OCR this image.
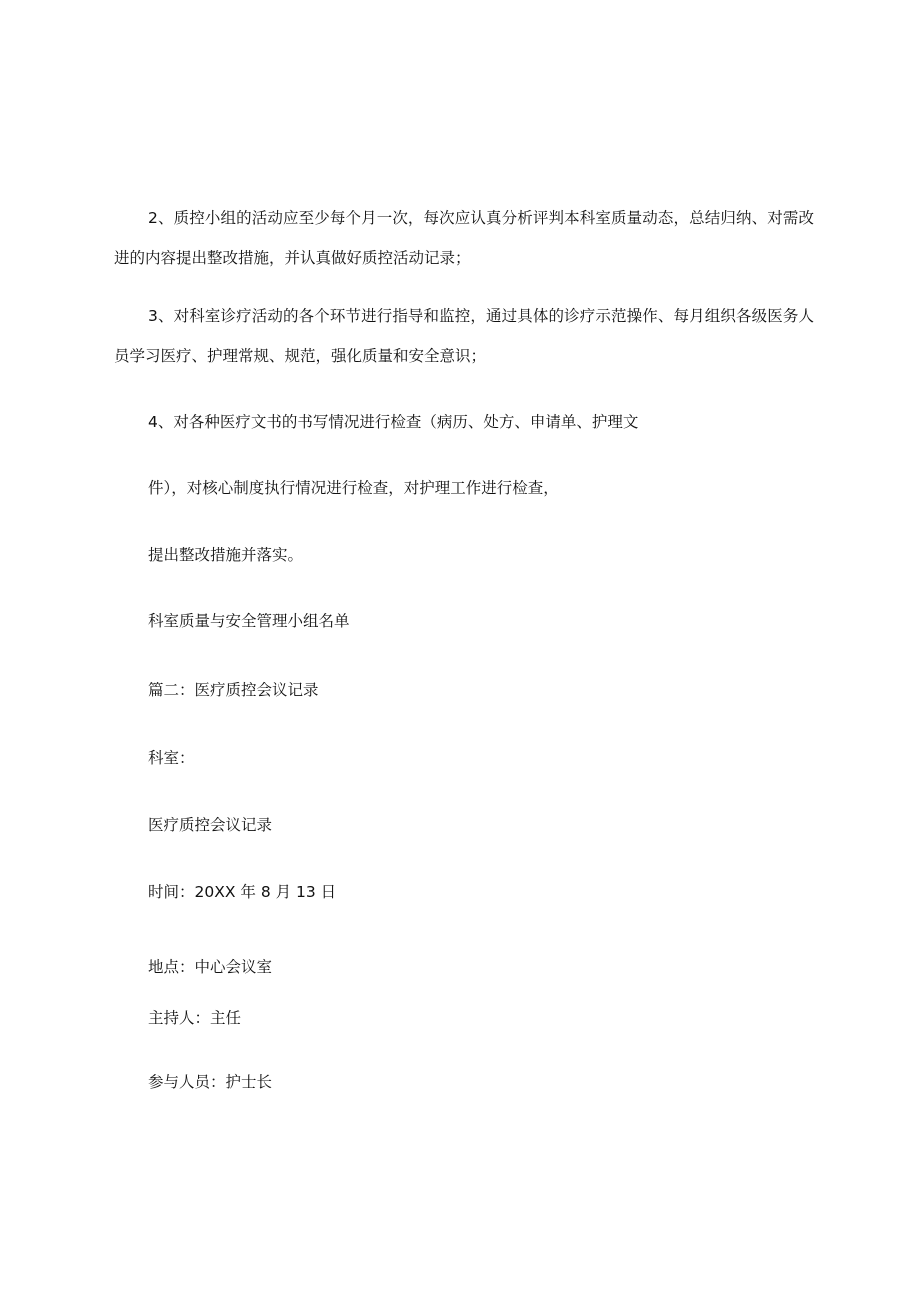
2、质控小组的活动应至少每个月一次，每次应认真分析评判本科室质量动态，总结归纳、对需改进的内容提出整改措施，并认真做好质控活动记录；
3、对科室诊疗活动的各个环节进行指导和监控，通过具体的诊疗示范操作、每月组织各级医务人员学习医疗、护理常规、规范，强化质量和安全意识；
4、对各种医疗文书的书写情况进行检查（病历、处方、申请单、护理文
件），对核心制度执行情况进行检查，对护理工作进行检查，
提出整改措施并落实。
科室质量与安全管理小组名单
篇二：医疗质控会议记录
科室：
医疗质控会议记录
时间：20XX 年 8 月 13 日
地点：中心会议室
主持人：主任
参与人员：护士长
